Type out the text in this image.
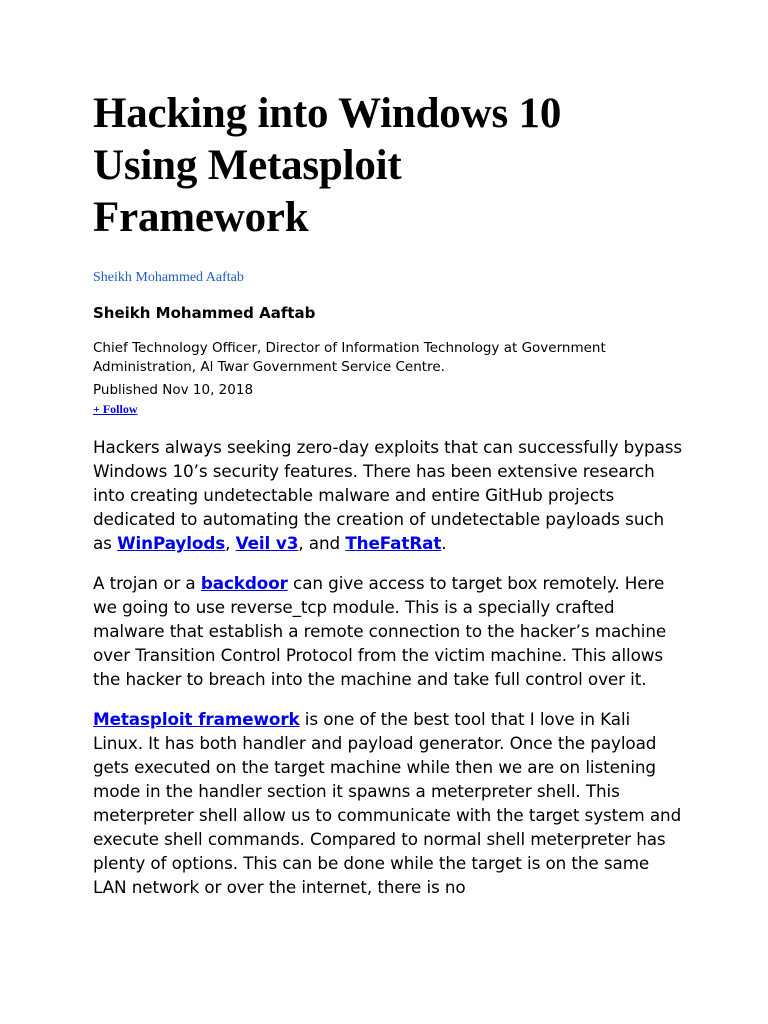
Hacking into Windows 10
Using Metasploit
Framework
Sheikh Mohammed Aaftab

Sheikh Mohammed Aaftab

Chief Technology Officer, Director of Information Technology at Government
Administration, Al Twar Government Service Centre.

Published Nov 10, 2018

+ Follow

Hackers always seeking zero-day exploits that can successfully bypass Windows 10’s security features. There has been extensive research into creating undetectable malware and entire GitHub projects dedicated to automating the creation of undetectable payloads such as WinPaylods, Veil v3, and TheFatRat.

A trojan or a backdoor can give access to target box remotely. Here we going to use reverse_tcp module. This is a specially crafted malware that establish a remote connection to the hacker’s machine over Transition Control Protocol from the victim machine. This allows the hacker to breach into the machine and take full control over it.

Metasploit framework is one of the best tool that I love in Kali Linux. It has both handler and payload generator. Once the payload gets executed on the target machine while then we are on listening mode in the handler section it spawns a meterpreter shell. This meterpreter shell allow us to communicate with the target system and execute shell commands. Compared to normal shell meterpreter has plenty of options. This can be done while the target is on the same LAN network or over the internet, there is no
